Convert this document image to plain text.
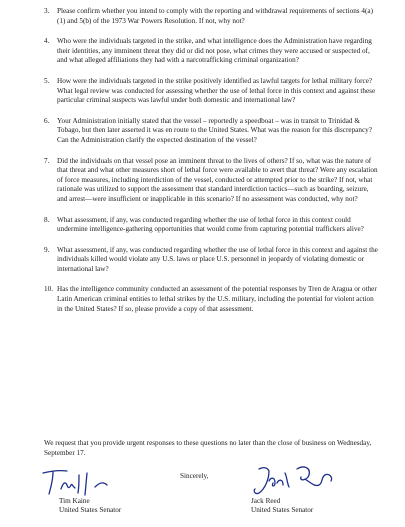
3. Please confirm whether you intend to comply with the reporting and withdrawal requirements of sections 4(a)(1) and 5(b) of the 1973 War Powers Resolution. If not, why not?
4. Who were the individuals targeted in the strike, and what intelligence does the Administration have regarding their identities, any imminent threat they did or did not pose, what crimes they were accused or suspected of, and what alleged affiliations they had with a narcotrafficking criminal organization?
5. How were the individuals targeted in the strike positively identified as lawful targets for lethal military force? What legal review was conducted for assessing whether the use of lethal force in this context and against these particular criminal suspects was lawful under both domestic and international law?
6. Your Administration initially stated that the vessel – reportedly a speedboat – was in transit to Trinidad & Tobago, but then later asserted it was en route to the United States. What was the reason for this discrepancy? Can the Administration clarify the expected destination of the vessel?
7. Did the individuals on that vessel pose an imminent threat to the lives of others? If so, what was the nature of that threat and what other measures short of lethal force were available to avert that threat? Were any escalation of force measures, including interdiction of the vessel, conducted or attempted prior to the strike? If not, what rationale was utilized to support the assessment that standard interdiction tactics—such as boarding, seizure, and arrest—were insufficient or inapplicable in this scenario? If no assessment was conducted, why not?
8. What assessment, if any, was conducted regarding whether the use of lethal force in this context could undermine intelligence-gathering opportunities that would come from capturing potential traffickers alive?
9. What assessment, if any, was conducted regarding whether the use of lethal force in this context and against the individuals killed would violate any U.S. laws or place U.S. personnel in jeopardy of violating domestic or international law?
10. Has the intelligence community conducted an assessment of the potential responses by Tren de Aragua or other Latin American criminal entities to lethal strikes by the U.S. military, including the potential for violent action in the United States? If so, please provide a copy of that assessment.

We request that you provide urgent responses to these questions no later than the close of business on Wednesday, September 17.

Sincerely,
Tim Kaine
United States Senator
Jack Reed
United States Senator
